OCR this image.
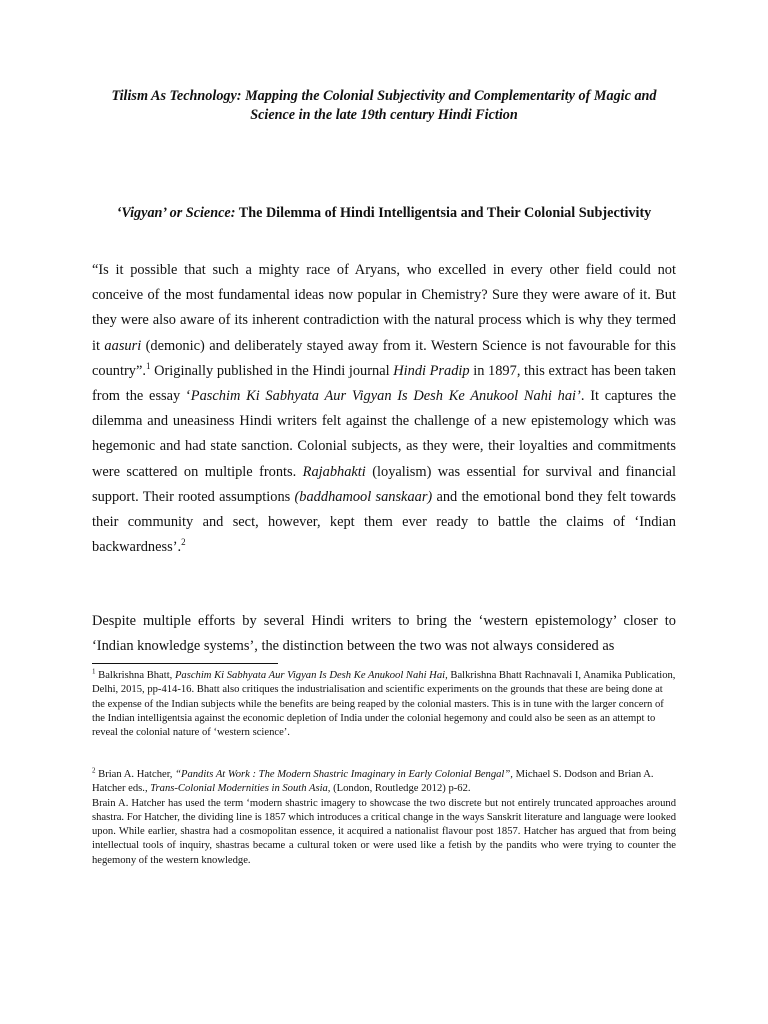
Tilism As Technology: Mapping the Colonial Subjectivity and Complementarity of Magic and Science in the late 19th century Hindi Fiction

‘Vigyan’ or Science: The Dilemma of Hindi Intelligentsia and Their Colonial Subjectivity

“Is it possible that such a mighty race of Aryans, who excelled in every other field could not conceive of the most fundamental ideas now popular in Chemistry? Sure they were aware of it. But they were also aware of its inherent contradiction with the natural process which is why they termed it aasuri (demonic) and deliberately stayed away from it. Western Science is not favourable for this country”.$^1$ Originally published in the Hindi journal Hindi Pradip in 1897, this extract has been taken from the essay ‘Paschim Ki Sabhyata Aur Vigyan Is Desh Ke Anukool Nahi hai’. It captures the dilemma and uneasiness Hindi writers felt against the challenge of a new epistemology which was hegemonic and had state sanction. Colonial subjects, as they were, their loyalties and commitments were scattered on multiple fronts. Rajabhakti (loyalism) was essential for survival and financial support. Their rooted assumptions (baddhamool sanskaar) and the emotional bond they felt towards their community and sect, however, kept them ever ready to battle the claims of ‘Indian backwardness’.$^2$

Despite multiple efforts by several Hindi writers to bring the ‘western epistemology’ closer to ‘Indian knowledge systems’, the distinction between the two was not always considered as

$^1$ Balkrishna Bhatt, Paschim Ki Sabhyata Aur Vigyan Is Desh Ke Anukool Nahi Hai, Balkrishna Bhatt Rachnavali I, Anamika Publication, Delhi, 2015, pp-414-16. Bhatt also critiques the industrialisation and scientific experiments on the grounds that these are being done at the expense of the Indian subjects while the benefits are being reaped by the colonial masters. This is in tune with the larger concern of the Indian intelligentsia against the economic depletion of India under the colonial hegemony and could also be seen as an attempt to reveal the colonial nature of ‘western science’.

$^2$ Brian A. Hatcher, “Pandits At Work : The Modern Shastric Imaginary in Early Colonial Bengal”, Michael S. Dodson and Brian A. Hatcher eds., Trans-Colonial Modernities in South Asia, (London, Routledge 2012) p-62.
Brain A. Hatcher has used the term ‘modern shastric imagery to showcase the two discrete but not entirely truncated approaches around shastra. For Hatcher, the dividing line is 1857 which introduces a critical change in the ways Sanskrit literature and language were looked upon. While earlier, shastra had a cosmopolitan essence, it acquired a nationalist flavour post 1857. Hatcher has argued that from being intellectual tools of inquiry, shastras became a cultural token or were used like a fetish by the pandits who were trying to counter the hegemony of the western knowledge.
